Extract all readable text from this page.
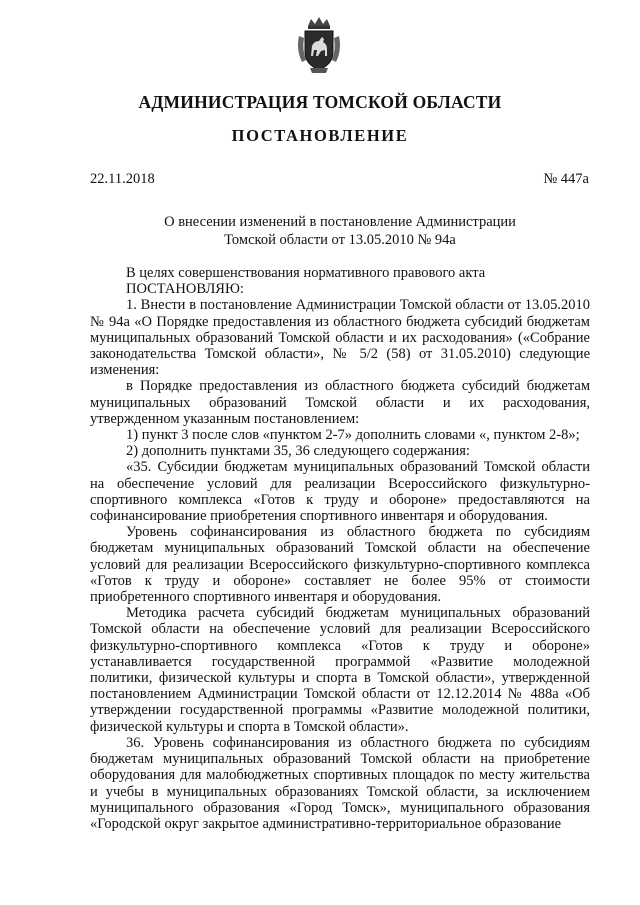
АДМИНИСТРАЦИЯ ТОМСКОЙ ОБЛАСТИ
ПОСТАНОВЛЕНИЕ
22.11.2018	№ 447а
О внесении изменений в постановление Администрации
Томской области от 13.05.2010 № 94а

В целях совершенствования нормативного правового акта

ПОСТАНОВЛЯЮ:

1. Внести в постановление Администрации Томской области от 13.05.2010 № 94а «О Порядке предоставления из областного бюджета субсидий бюджетам муниципальных образований Томской области и их расходования» («Собрание законодательства Томской области», № 5/2 (58) от 31.05.2010) следующие изменения:

в Порядке предоставления из областного бюджета субсидий бюджетам муниципальных образований Томской области и их расходования, утвержденном указанным постановлением:

1) пункт 3 после слов «пунктом 2-7» дополнить словами «, пунктом 2-8»;

2) дополнить пунктами 35, 36 следующего содержания:

«35. Субсидии бюджетам муниципальных образований Томской области на обеспечение условий для реализации Всероссийского физкультурно-спортивного комплекса «Готов к труду и обороне» предоставляются на софинансирование приобретения спортивного инвентаря и оборудования.

Уровень софинансирования из областного бюджета по субсидиям бюджетам муниципальных образований Томской области на обеспечение условий для реализации Всероссийского физкультурно-спортивного комплекса «Готов к труду и обороне» составляет не более 95% от стоимости приобретенного спортивного инвентаря и оборудования.

Методика расчета субсидий бюджетам муниципальных образований Томской области на обеспечение условий для реализации Всероссийского физкультурно-спортивного комплекса «Готов к труду и обороне» устанавливается государственной программой «Развитие молодежной политики, физической культуры и спорта в Томской области», утвержденной постановлением Администрации Томской области от 12.12.2014 № 488а «Об утверждении государственной программы «Развитие молодежной политики, физической культуры и спорта в Томской области».

36. Уровень софинансирования из областного бюджета по субсидиям бюджетам муниципальных образований Томской области на приобретение оборудования для малобюджетных спортивных площадок по месту жительства и учебы в муниципальных образованиях Томской области, за исключением муниципального образования «Город Томск», муниципального образования «Городской округ закрытое административно-территориальное образование
